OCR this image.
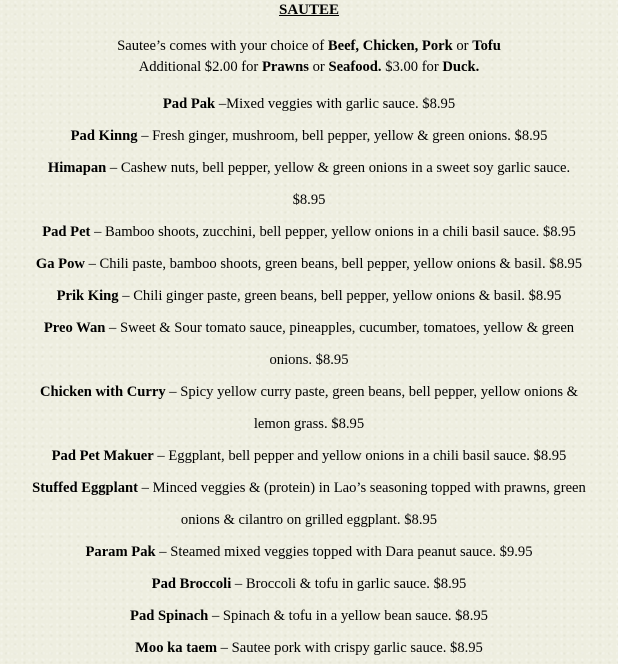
SAUTEE
Sautee’s comes with your choice of Beef, Chicken, Pork or Tofu
Additional $2.00 for Prawns or Seafood. $3.00 for Duck.
Pad Pak –Mixed veggies with garlic sauce. $8.95
Pad Kinng – Fresh ginger, mushroom, bell pepper, yellow & green onions. $8.95
Himapan – Cashew nuts, bell pepper, yellow & green onions in a sweet soy garlic sauce.
$8.95
Pad Pet – Bamboo shoots, zucchini, bell pepper, yellow onions in a chili basil sauce. $8.95
Ga Pow – Chili paste, bamboo shoots, green beans, bell pepper, yellow onions & basil. $8.95
Prik King – Chili ginger paste, green beans, bell pepper, yellow onions & basil. $8.95
Preo Wan – Sweet & Sour tomato sauce, pineapples, cucumber, tomatoes, yellow & green
onions. $8.95
Chicken with Curry – Spicy yellow curry paste, green beans, bell pepper, yellow onions &
lemon grass. $8.95
Pad Pet Makuer – Eggplant, bell pepper and yellow onions in a chili basil sauce. $8.95
Stuffed Eggplant – Minced veggies & (protein) in Lao’s seasoning topped with prawns, green
onions & cilantro on grilled eggplant. $8.95
Param Pak – Steamed mixed veggies topped with Dara peanut sauce. $9.95
Pad Broccoli – Broccoli & tofu in garlic sauce. $8.95
Pad Spinach – Spinach & tofu in a yellow bean sauce. $8.95
Moo ka taem – Sautee pork with crispy garlic sauce. $8.95
